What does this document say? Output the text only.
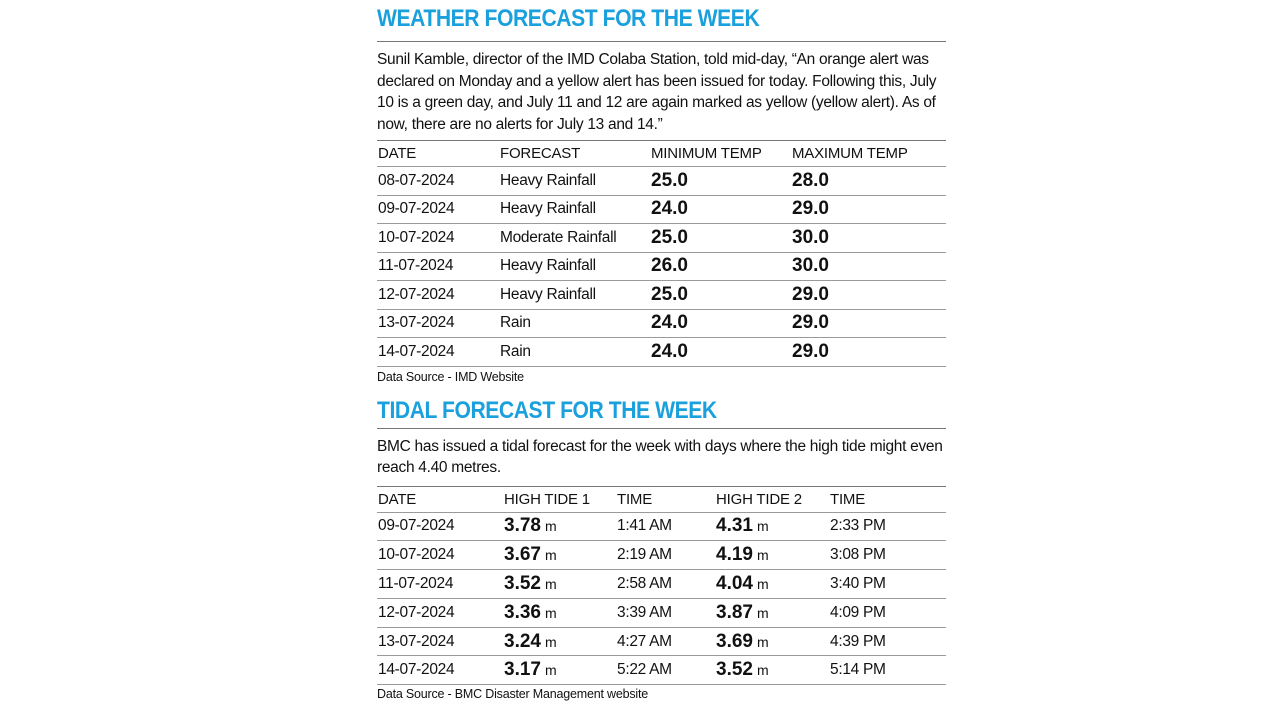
WEATHER FORECAST FOR THE WEEK

Sunil Kamble, director of the IMD Colaba Station, told mid-day, “An orange alert was declared on Monday and a yellow alert has been issued for today. Following this, July 10 is a green day, and July 11 and 12 are again marked as yellow (yellow alert). As of now, there are no alerts for July 13 and 14.”

DATE	FORECAST	MINIMUM TEMP	MAXIMUM TEMP
08-07-2024	Heavy Rainfall	25.0	28.0
09-07-2024	Heavy Rainfall	24.0	29.0
10-07-2024	Moderate Rainfall	25.0	30.0
11-07-2024	Heavy Rainfall	26.0	30.0
12-07-2024	Heavy Rainfall	25.0	29.0
13-07-2024	Rain	24.0	29.0
14-07-2024	Rain	24.0	29.0

Data Source - IMD Website

TIDAL FORECAST FOR THE WEEK

BMC has issued a tidal forecast for the week with days where the high tide might even reach 4.40 metres.

DATE	HIGH TIDE 1	TIME	HIGH TIDE 2	TIME
09-07-2024	3.78 m	1:41 AM	4.31 m	2:33 PM
10-07-2024	3.67 m	2:19 AM	4.19 m	3:08 PM
11-07-2024	3.52 m	2:58 AM	4.04 m	3:40 PM
12-07-2024	3.36 m	3:39 AM	3.87 m	4:09 PM
13-07-2024	3.24 m	4:27 AM	3.69 m	4:39 PM
14-07-2024	3.17 m	5:22 AM	3.52 m	5:14 PM

Data Source - BMC Disaster Management website
